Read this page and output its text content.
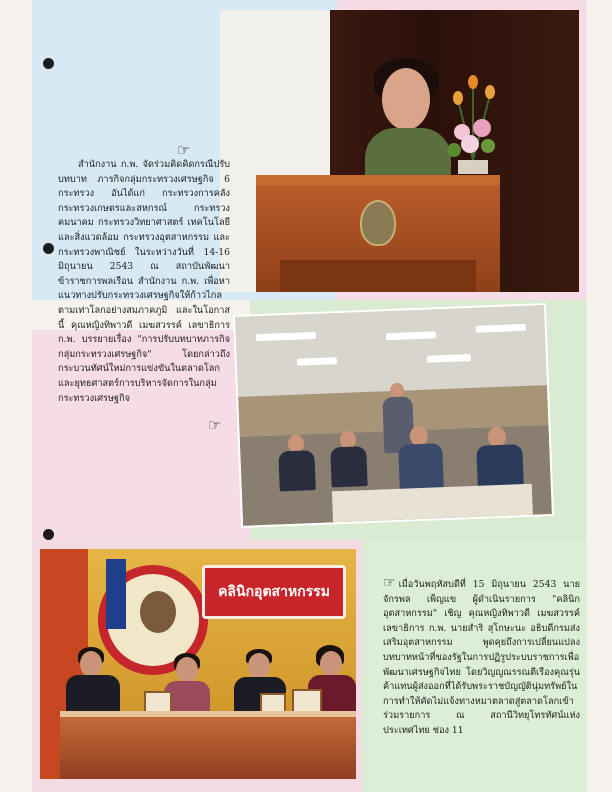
☞

สำนักงาน ก.พ. จัดร่วมคิดคิดกรณีปรับบทบาท ภารกิจกลุ่มกระทรวงเศรษฐกิจ 6 กระทรวง อันได้แก่ กระทรวงการคลัง กระทรวงเกษตรและสหกรณ์ กระทรวงคมนาคม กระทรวงวิทยาศาสตร์ เทคโนโลยีและสิ่งแวดล้อม กระทรวงอุตสาหกรรม และกระทรวงพาณิชย์ ในระหว่างวันที่ 14-16 มิถุนายน 2543 ณ สถาบันพัฒนาข้าราชการพลเรือน สำนักงาน ก.พ. เพื่อหาแนวทางปรับกระทรวงเศรษฐกิจให้ก้าวไกลตามเท่าโลกอย่างสมภาคภูมิ และในโอกาสนี้ คุณหญิงทิพาวดี เมฆสวรรค์ เลขาธิการ ก.พ. บรรยายเรื่อง "การปรับบทบาทภารกิจกลุ่มกระทรวงเศรษฐกิจ" โดยกล่าวถึงกระบวนทัศน์ใหม่การแข่งขันในตลาดโลกและยุทธศาสตร์การบริหารจัดการในกลุ่มกระทรวงเศรษฐกิจ

☞
คลินิกอุตสาหกรรม

☞ เมื่อวันพฤหัสบดีที่ 15 มิถุนายน 2543 นายจักรพล เพ็ญแข ผู้ดำเนินรายการ "คลินิกอุตสาหกรรม" เชิญ คุณหญิงทิพาวดี เมฆสวรรค์ เลขาธิการ ก.พ. นายสำริ สุโกษะนะ อธิบดีกรมส่งเสริมอุตสาหกรรม พูดคุยถึงการเปลี่ยนแปลงบทบาทหน้าที่ของรัฐในการปฏิรูประบบราชการเพื่อพัฒนาเศรษฐกิจไทย โดยวิญญูณรรณตีเรืองคุณรุ่นค้าแทนผู้ส่งออกที่ได้รับพระราชบัญญัตินุ่มทรัพย์ในการทำให้คัดไม่แจ้งทางหมาตลาดสู่ตลาดโลกเข้าร่วมรายการ ณ สถานีวิทยุโทรทัศน์แห่งประเทศไทย ช่อง 11
